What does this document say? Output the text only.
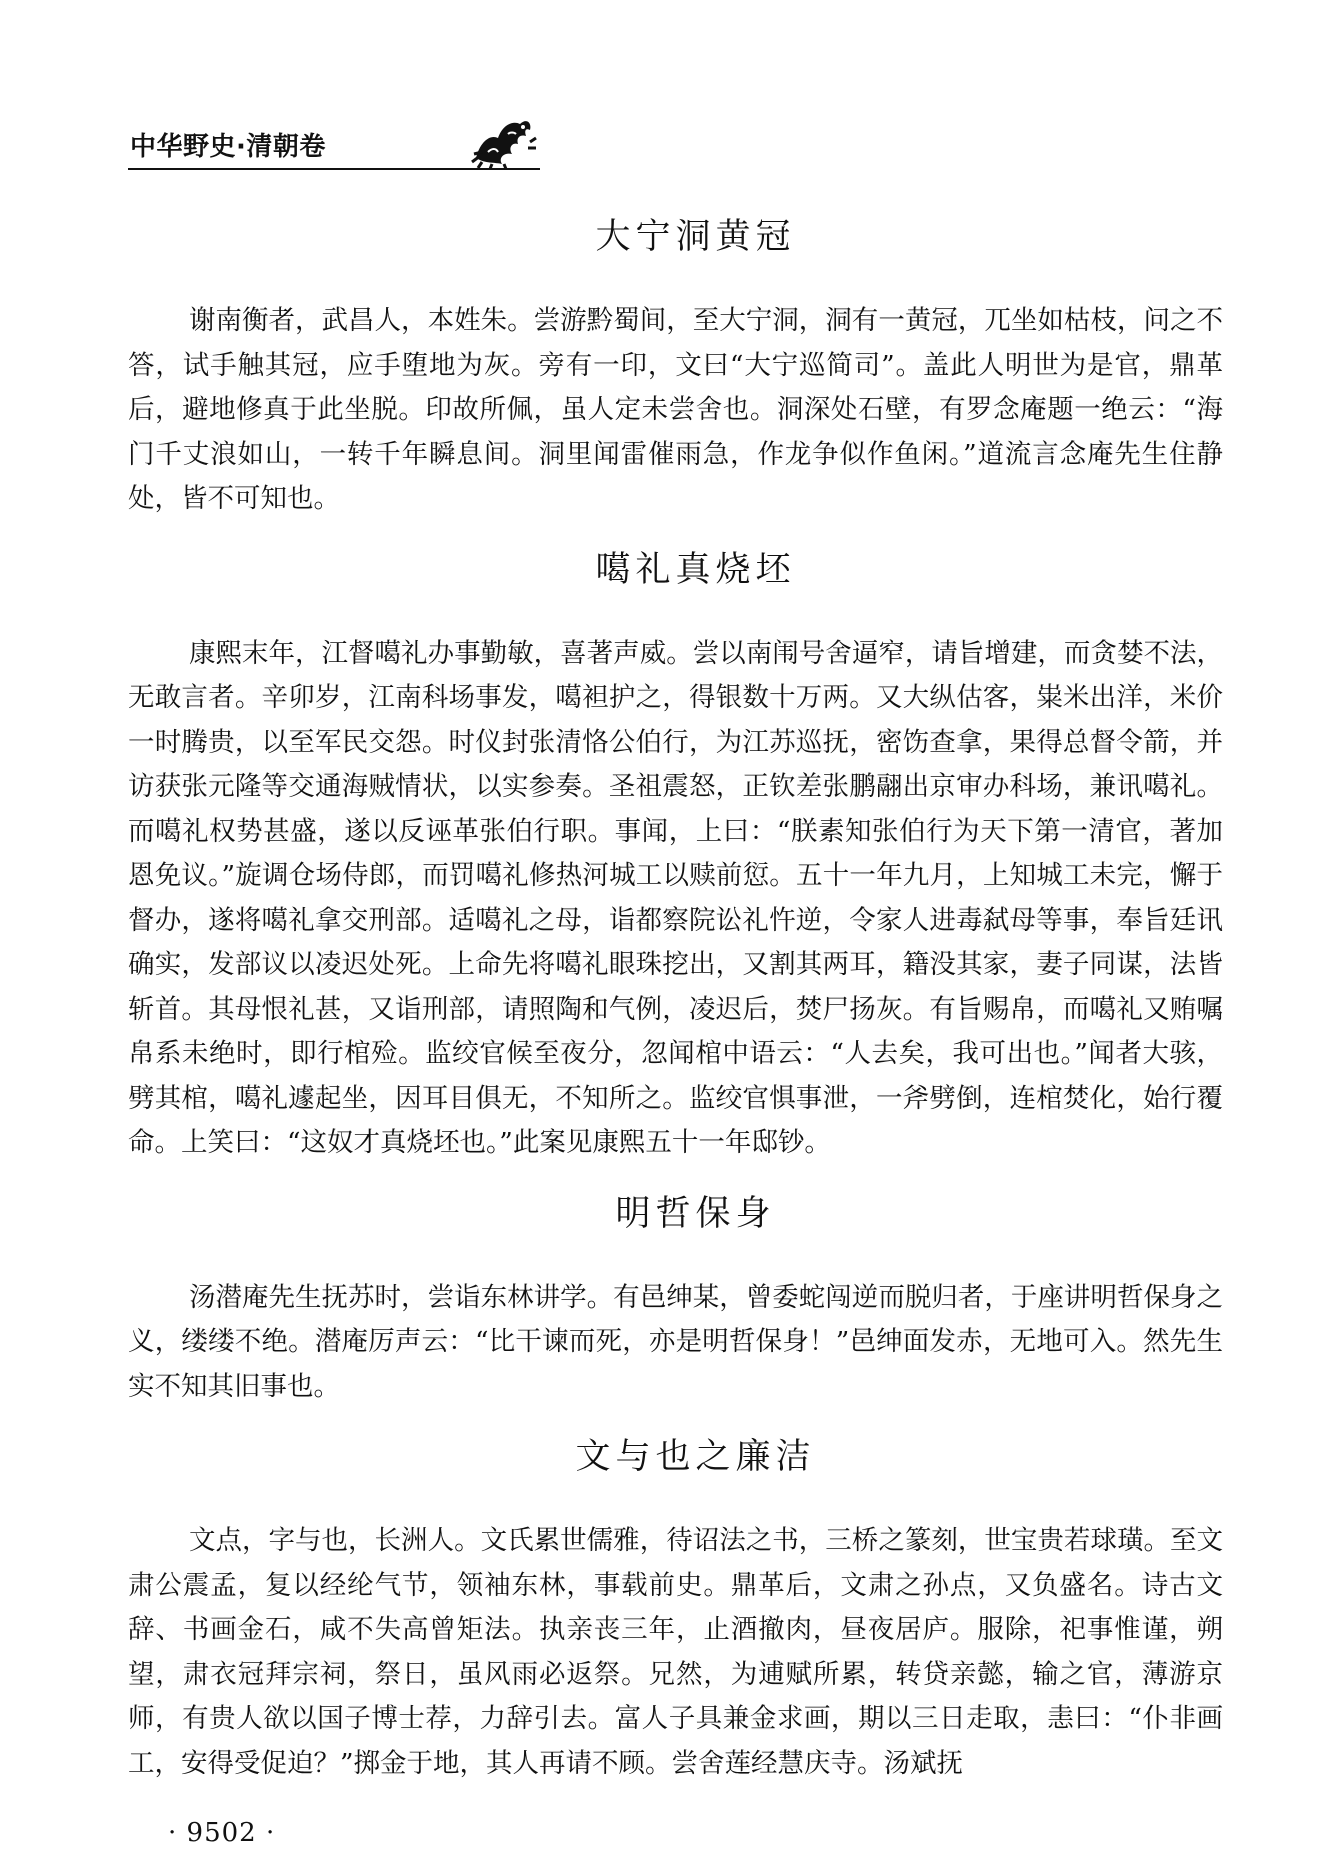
中华野史·清朝卷
大宁洞黄冠

谢南衡者，武昌人，本姓朱。尝游黔蜀间，至大宁洞，洞有一黄冠，兀坐如枯枝，问之不答，试手触其冠，应手堕地为灰。旁有一印，文曰“大宁巡简司”。盖此人明世为是官，鼎革后，避地修真于此坐脱。印故所佩，虽人定未尝舍也。洞深处石壁，有罗念庵题一绝云：“海门千丈浪如山，一转千年瞬息间。洞里闻雷催雨急，作龙争似作鱼闲。”道流言念庵先生住静处，皆不可知也。

噶礼真烧坯

康熙末年，江督噶礼办事勤敏，喜著声威。尝以南闱号舍逼窄，请旨增建，而贪婪不法，无敢言者。辛卯岁，江南科场事发，噶袒护之，得银数十万两。又大纵估客，粜米出洋，米价一时腾贵，以至军民交怨。时仪封张清恪公伯行，为江苏巡抚，密饬查拿，果得总督令箭，并访获张元隆等交通海贼情状，以实参奏。圣祖震怒，正钦差张鹏翮出京审办科场，兼讯噶礼。而噶礼权势甚盛，遂以反诬革张伯行职。事闻，上曰：“朕素知张伯行为天下第一清官，著加恩免议。”旋调仓场侍郎，而罚噶礼修热河城工以赎前愆。五十一年九月，上知城工未完，懈于督办，遂将噶礼拿交刑部。适噶礼之母，诣都察院讼礼忤逆，令家人进毒弑母等事，奉旨廷讯确实，发部议以凌迟处死。上命先将噶礼眼珠挖出，又割其两耳，籍没其家，妻子同谋，法皆斩首。其母恨礼甚，又诣刑部，请照陶和气例，凌迟后，焚尸扬灰。有旨赐帛，而噶礼又贿嘱帛系未绝时，即行棺殓。监绞官候至夜分，忽闻棺中语云：“人去矣，我可出也。”闻者大骇，劈其棺，噶礼遽起坐，因耳目俱无，不知所之。监绞官惧事泄，一斧劈倒，连棺焚化，始行覆命。上笑曰：“这奴才真烧坯也。”此案见康熙五十一年邸钞。

明哲保身

汤潜庵先生抚苏时，尝诣东林讲学。有邑绅某，曾委蛇闯逆而脱归者，于座讲明哲保身之义，缕缕不绝。潜庵厉声云：“比干谏而死，亦是明哲保身！”邑绅面发赤，无地可入。然先生实不知其旧事也。

文与也之廉洁

文点，字与也，长洲人。文氏累世儒雅，待诏法之书，三桥之篆刻，世宝贵若球璜。至文肃公震孟，复以经纶气节，领袖东林，事载前史。鼎革后，文肃之孙点，又负盛名。诗古文辞、书画金石，咸不失高曾矩法。执亲丧三年，止酒撤肉，昼夜居庐。服除，祀事惟谨，朔望，肃衣冠拜宗祠，祭日，虽风雨必返祭。兄然，为逋赋所累，转贷亲懿，输之官，薄游京师，有贵人欲以国子博士荐，力辞引去。富人子具兼金求画，期以三日走取，恚曰：“仆非画工，安得受促迫？”掷金于地，其人再请不顾。尝舍莲经慧庆寺。汤斌抚

· 9502 ·
